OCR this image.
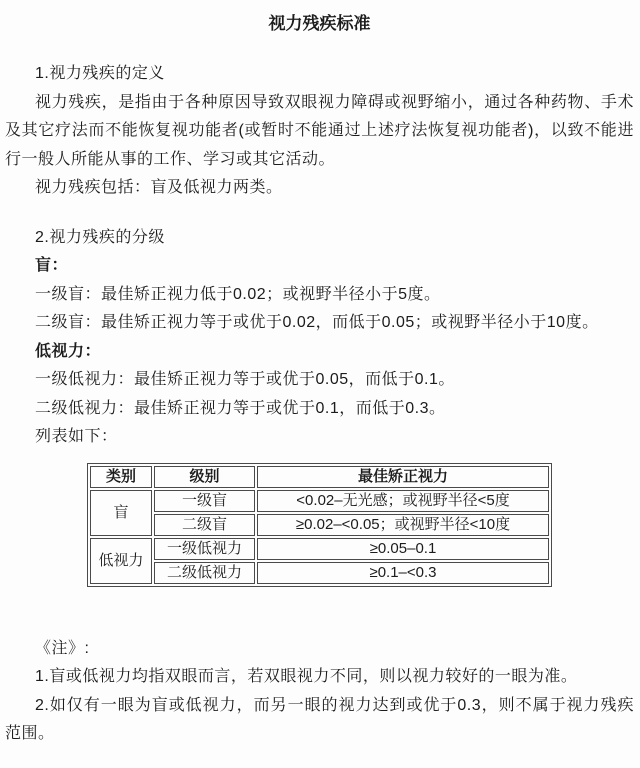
视力残疾标准

1.视力残疾的定义

视力残疾，是指由于各种原因导致双眼视力障碍或视野缩小，通过各种药物、手术及其它疗法而不能恢复视功能者(或暂时不能通过上述疗法恢复视功能者)，以致不能进行一般人所能从事的工作、学习或其它活动。

视力残疾包括：盲及低视力两类。

2.视力残疾的分级

盲：

一级盲：最佳矫正视力低于0.02；或视野半径小于5度。

二级盲：最佳矫正视力等于或优于0.02，而低于0.05；或视野半径小于10度。

低视力：

一级低视力：最佳矫正视力等于或优于0.05，而低于0.1。

二级低视力：最佳矫正视力等于或优于0.1，而低于0.3。

列表如下：

类别	级别	最佳矫正视力
盲	一级盲	<0.02–无光感；或视野半径<5度
	二级盲	≥0.02–<0.05；或视野半径<10度
低视力	一级低视力	≥0.05–0.1
	二级低视力	≥0.1–<0.3

《注》:

1.盲或低视力均指双眼而言，若双眼视力不同，则以视力较好的一眼为准。

2.如仅有一眼为盲或低视力，而另一眼的视力达到或优于0.3，则不属于视力残疾范围。
